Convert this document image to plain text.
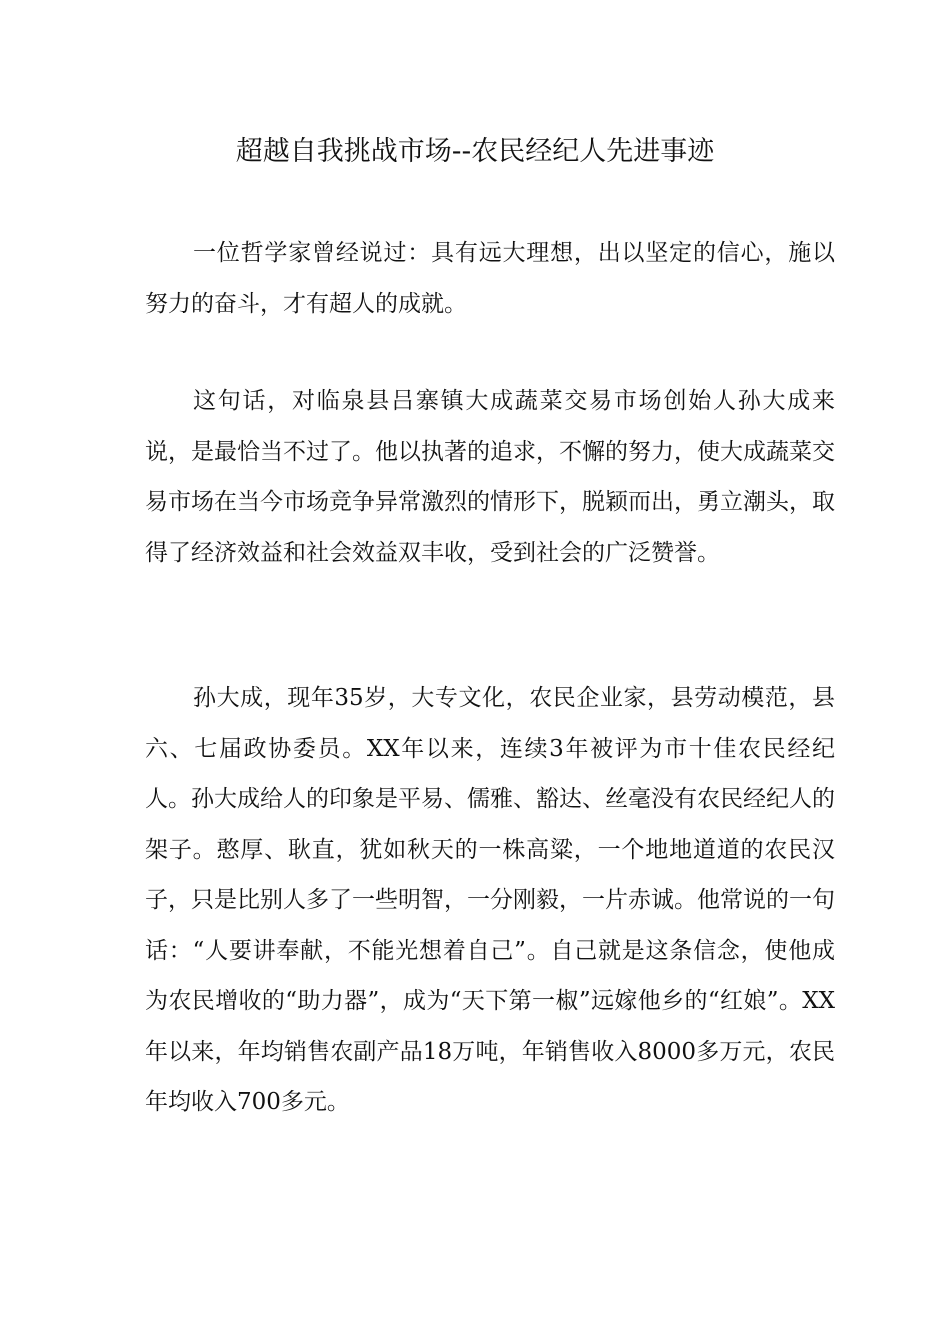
超越自我挑战市场--农民经纪人先进事迹

一位哲学家曾经说过：具有远大理想，出以坚定的信心，施以努力的奋斗，才有超人的成就。

这句话，对临泉县吕寨镇大成蔬菜交易市场创始人孙大成来说，是最恰当不过了。他以执著的追求，不懈的努力，使大成蔬菜交易市场在当今市场竞争异常激烈的情形下，脱颖而出，勇立潮头，取得了经济效益和社会效益双丰收，受到社会的广泛赞誉。

孙大成，现年35岁，大专文化，农民企业家，县劳动模范，县六、七届政协委员。XX年以来，连续3年被评为市十佳农民经纪人。孙大成给人的印象是平易、儒雅、豁达、丝毫没有农民经纪人的架子。憨厚、耿直，犹如秋天的一株高粱，一个地地道道的农民汉子，只是比别人多了一些明智，一分刚毅，一片赤诚。他常说的一句话：“人要讲奉献，不能光想着自己”。自己就是这条信念，使他成为农民增收的“助力器”，成为“天下第一椒”远嫁他乡的“红娘”。XX年以来，年均销售农副产品18万吨，年销售收入8000多万元，农民年均收入700多元。
